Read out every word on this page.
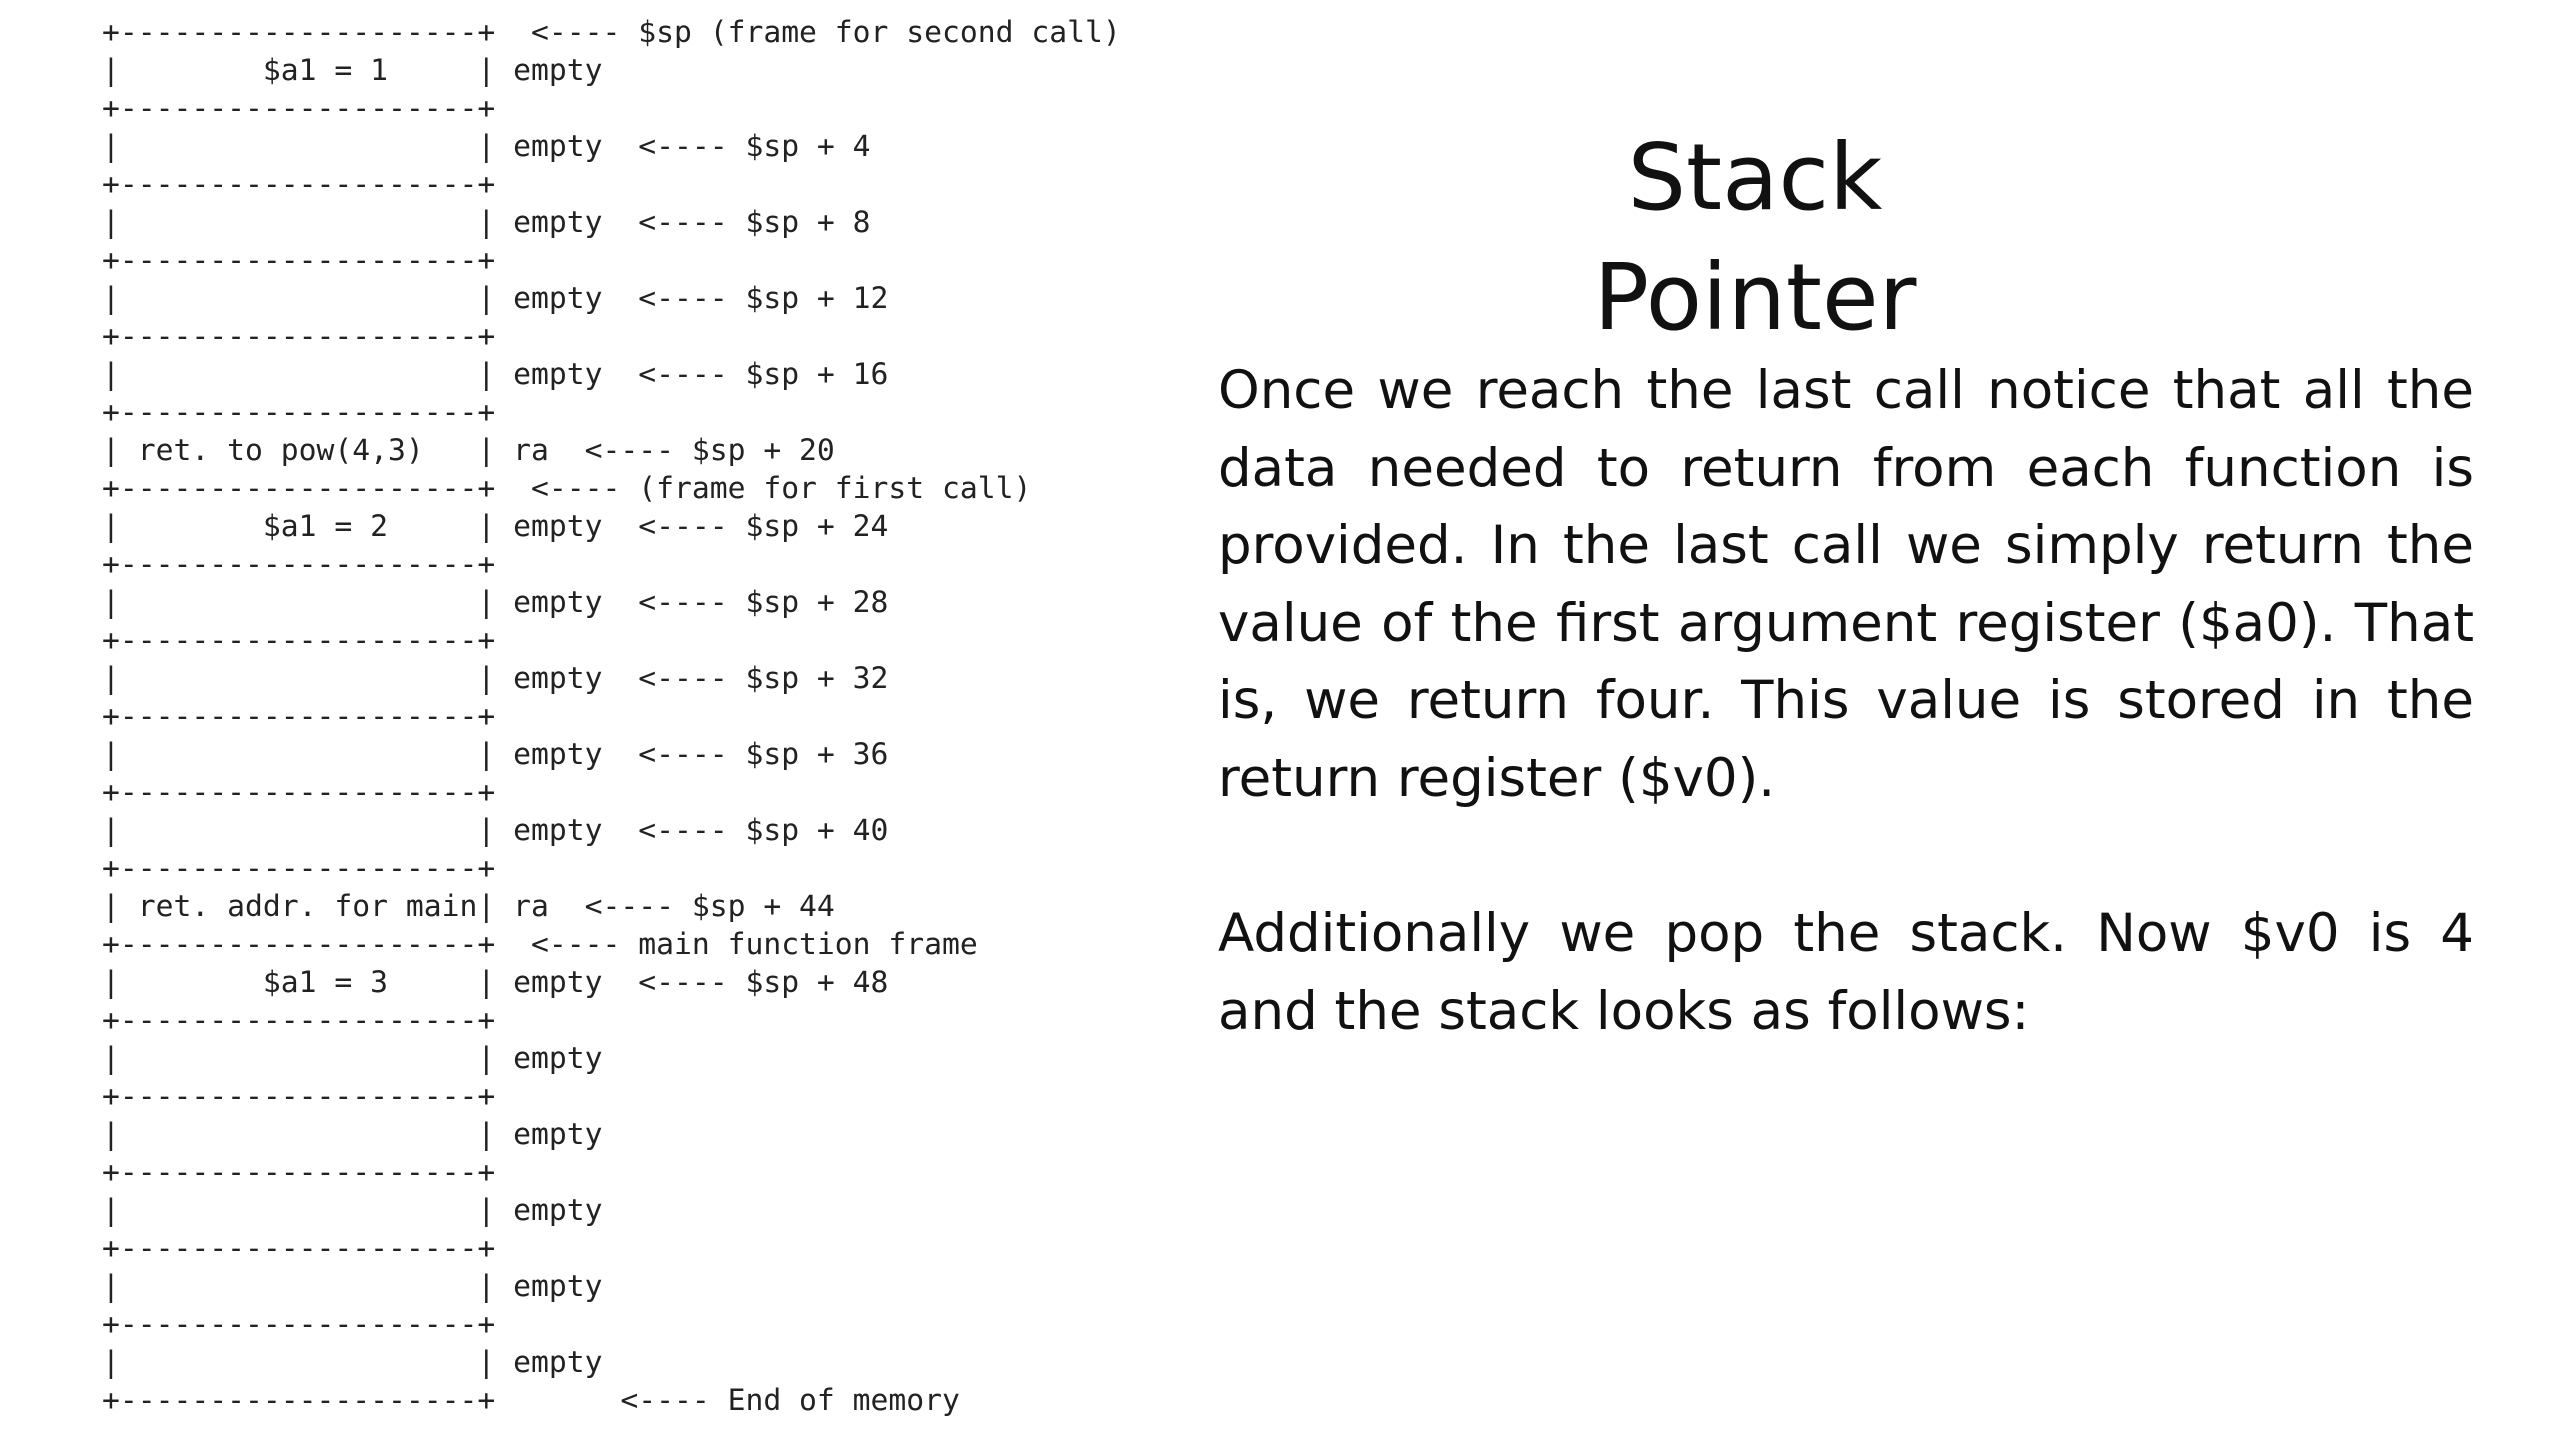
+--------------------+  <---- $sp (frame for second call)
|        $a1 = 1     | empty
+--------------------+
|                    | empty  <---- $sp + 4
+--------------------+
|                    | empty  <---- $sp + 8
+--------------------+
|                    | empty  <---- $sp + 12
+--------------------+
|                    | empty  <---- $sp + 16
+--------------------+
| ret. to pow(4,3)   | ra  <---- $sp + 20
+--------------------+  <---- (frame for first call)
|        $a1 = 2     | empty  <---- $sp + 24
+--------------------+
|                    | empty  <---- $sp + 28
+--------------------+
|                    | empty  <---- $sp + 32
+--------------------+
|                    | empty  <---- $sp + 36
+--------------------+
|                    | empty  <---- $sp + 40
+--------------------+
| ret. addr. for main| ra  <---- $sp + 44
+--------------------+  <---- main function frame
|        $a1 = 3     | empty  <---- $sp + 48
+--------------------+
|                    | empty
+--------------------+
|                    | empty
+--------------------+
|                    | empty
+--------------------+
|                    | empty
+--------------------+
|                    | empty
+--------------------+       <---- End of memory
Stack Pointer

Once we reach the last call notice that all the data needed to return from each function is provided. In the last call we simply return the value of the first argument register ($a0). That is, we return four. This value is stored in the return register ($v0).

Additionally we pop the stack. Now $v0 is 4 and the stack looks as follows:
